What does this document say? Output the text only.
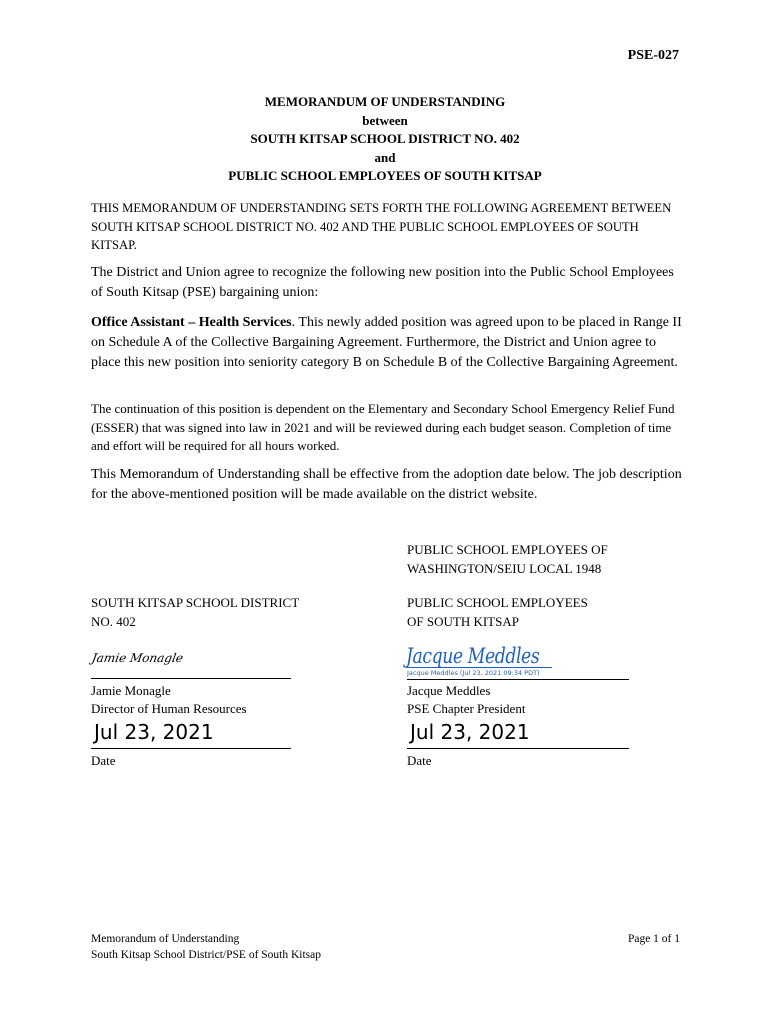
PSE-027
MEMORANDUM OF UNDERSTANDING
between
SOUTH KITSAP SCHOOL DISTRICT NO. 402
and
PUBLIC SCHOOL EMPLOYEES OF SOUTH KITSAP
THIS MEMORANDUM OF UNDERSTANDING SETS FORTH THE FOLLOWING AGREEMENT BETWEEN SOUTH KITSAP SCHOOL DISTRICT NO. 402 AND THE PUBLIC SCHOOL EMPLOYEES OF SOUTH KITSAP.
The District and Union agree to recognize the following new position into the Public School Employees of South Kitsap (PSE) bargaining union:
Office Assistant – Health Services. This newly added position was agreed upon to be placed in Range II on Schedule A of the Collective Bargaining Agreement. Furthermore, the District and Union agree to place this new position into seniority category B on Schedule B of the Collective Bargaining Agreement.
The continuation of this position is dependent on the Elementary and Secondary School Emergency Relief Fund (ESSER) that was signed into law in 2021 and will be reviewed during each budget season. Completion of time and effort will be required for all hours worked.
This Memorandum of Understanding shall be effective from the adoption date below. The job description for the above-mentioned position will be made available on the district website.
PUBLIC SCHOOL EMPLOYEES OF
WASHINGTON/SEIU LOCAL 1948
SOUTH KITSAP SCHOOL DISTRICT
NO. 402
PUBLIC SCHOOL EMPLOYEES
OF SOUTH KITSAP
Jamie Monagle
Jamie Monagle
Director of Human Resources
Jacque Meddles
Jacque Meddles (Jul 23, 2021 09:34 PDT)
Jacque Meddles
PSE Chapter President
Jul 23, 2021
Date
Jul 23, 2021
Date
Memorandum of Understanding
South Kitsap School District/PSE of South Kitsap
Page 1 of 1
